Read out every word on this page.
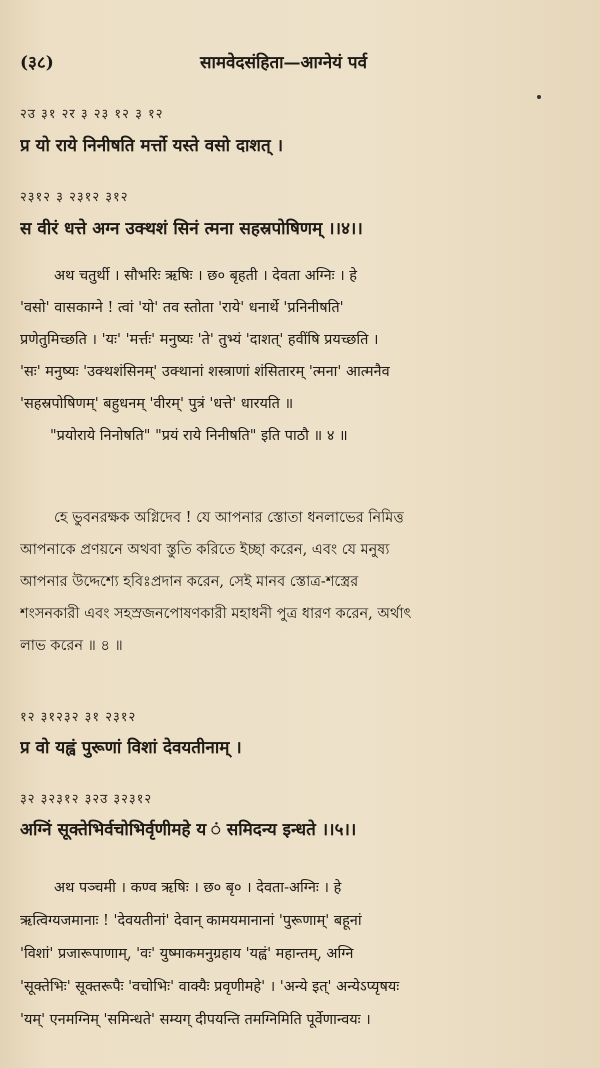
(३८)	सामवेदसंहिता—आग्नेयं पर्व
२उ ३१ २र ३ २३ १२ ३ १२
प्र यो राये निनीषति मर्त्तो यस्ते वसो दाशत् ।
२३१२ ३ २३१२ ३१२
स वीरं धत्ते अग्न उक्थशं सिनं त्मना सहस्रपोषिणम् ।।४।।
अथ चतुर्थी । सौभरिः ऋषिः । छ० बृहती । देवता अग्निः । हे
'वसो' वासकाग्ने ! त्वां 'यो' तव स्तोता 'राये' धनार्थे 'प्रनिनीषति'
प्रणेतुमिच्छति । 'यः' 'मर्त्तः' मनुष्यः 'ते' तुभ्यं 'दाशत्' हवींषि प्रयच्छति ।
'सः' मनुष्यः 'उक्थशंसिनम्' उक्थानां शस्त्राणां शंसितारम् 'त्मना' आत्मनैव
'सहस्रपोषिणम्' बहुधनम् 'वीरम्' पुत्रं 'धत्ते' धारयति ॥
"प्रयोराये निनोषति" "प्रयं राये निनीषति" इति पाठौ ॥ ४ ॥
হে ভুবনরক্ষক অগ্নিদেব ! যে আপনার স্তোতা ধনলাভের নিমিত্ত
আপনাকে প্রণয়নে অথবা স্তুতি করিতে ইচ্ছা করেন, এবং যে মনুষ্য
আপনার উদ্দেশ্যে হবিঃপ্রদান করেন, সেই মানব স্তোত্র-শস্ত্রের
শংসনকারী এবং সহস্রজনপোষণকারী মহাধনী পুত্র ধারণ করেন, অর্থাৎ
লাভ করেন ॥ ৪ ॥
१२ ३१२३२ ३१ २३१२
प्र वो यह्वं पुरूणां विशां देवयतीनाम् ।
३२ ३२३१२ ३२उ ३२३१२
अग्निं सूक्तेभिर्वचोभिर्वृणीमहे य ं समिदन्य इन्धते ।।५।।
अथ पञ्चमी । कण्व ऋषिः । छ० बृ० । देवता-अग्निः । हे
ऋत्विग्यजमानाः ! 'देवयतीनां' देवान् कामयमानानां 'पुरूणाम्' बहूनां
'विशां' प्रजारूपाणाम्, 'वः' युष्माकमनुग्रहाय 'यह्वं' महान्तम्, अग्नि
'सूक्तेभिः' सूक्तरूपैः 'वचोभिः' वाक्यैः प्रवृणीमहे' । 'अन्ये इत्' अन्येऽप्यृषयः
'यम्' एनमग्निम् 'समिन्धते' सम्यग् दीपयन्ति तमग्निमिति पूर्वेणान्वयः ।
